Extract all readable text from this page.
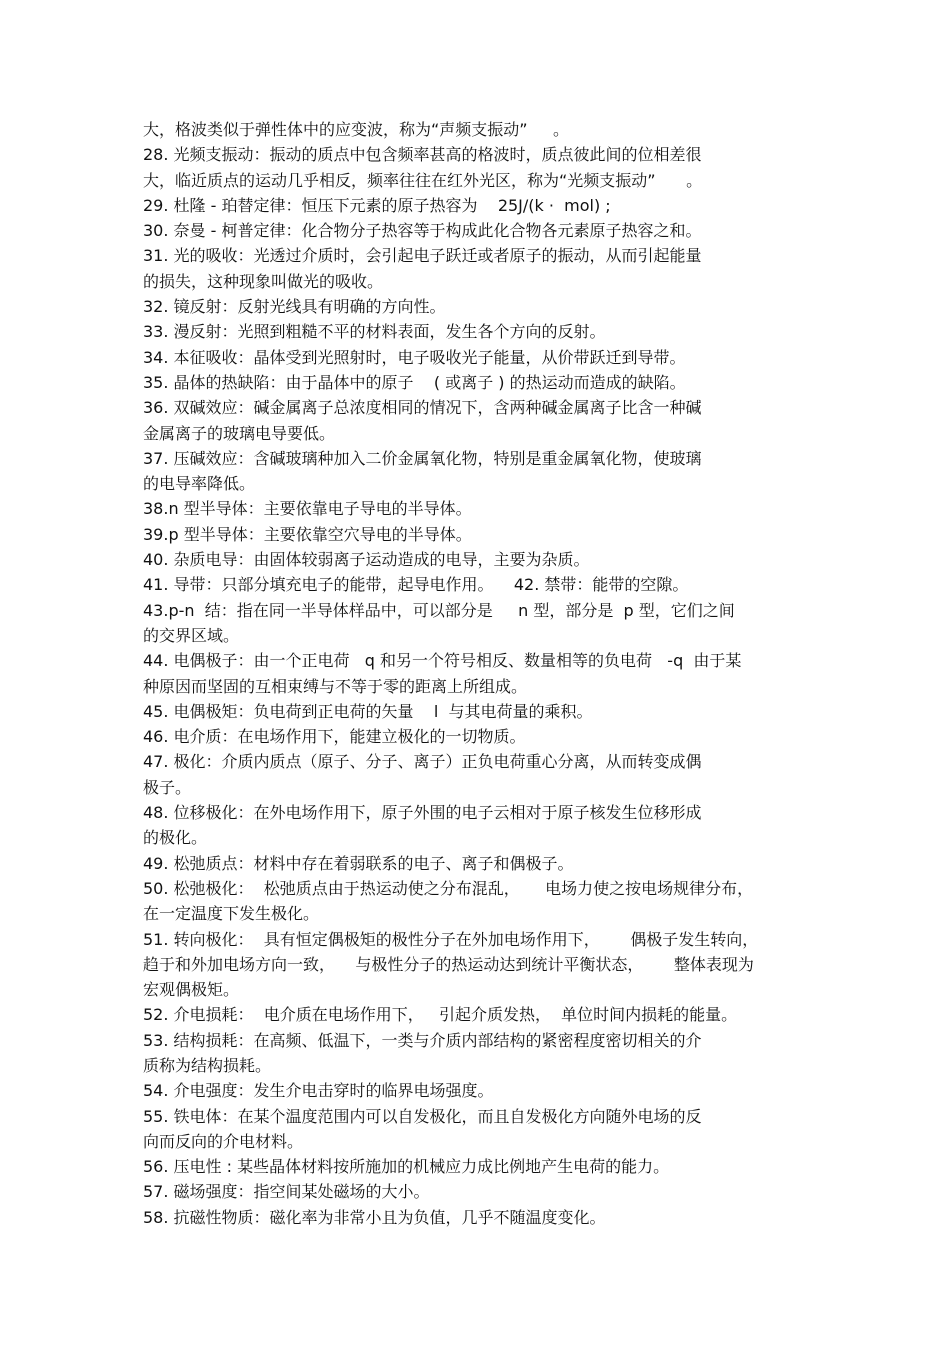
大，格波类似于弹性体中的应变波，称为“声频支振动”     。
28. 光频支振动：振动的质点中包含频率甚高的格波时，质点彼此间的位相差很
大，临近质点的运动几乎相反，频率往往在红外光区，称为“光频支振动”      。
29. 杜隆 - 珀替定律：恒压下元素的原子热容为    25J/(k ·  mol) ;
30. 奈曼 - 柯普定律：化合物分子热容等于构成此化合物各元素原子热容之和。
31. 光的吸收：光透过介质时，会引起电子跃迁或者原子的振动，从而引起能量
的损失，这种现象叫做光的吸收。
32. 镜反射：反射光线具有明确的方向性。
33. 漫反射：光照到粗糙不平的材料表面，发生各个方向的反射。
34. 本征吸收：晶体受到光照射时，电子吸收光子能量，从价带跃迁到导带。
35. 晶体的热缺陷：由于晶体中的原子    ( 或离子 ) 的热运动而造成的缺陷。
36. 双碱效应：碱金属离子总浓度相同的情况下，含两种碱金属离子比含一种碱
金属离子的玻璃电导要低。
37. 压碱效应：含碱玻璃种加入二价金属氧化物，特别是重金属氧化物，使玻璃
的电导率降低。
38.n 型半导体：主要依靠电子导电的半导体。
39.p 型半导体：主要依靠空穴导电的半导体。
40. 杂质电导：由固体较弱离子运动造成的电导，主要为杂质。
41. 导带：只部分填充电子的能带，起导电作用。    42. 禁带：能带的空隙。
43.p-n  结：指在同一半导体样品中，可以部分是     n 型，部分是  p 型，它们之间
的交界区域。
44. 电偶极子：由一个正电荷   q 和另一个符号相反、数量相等的负电荷   -q  由于某
种原因而坚固的互相束缚与不等于零的距离上所组成。
45. 电偶极矩：负电荷到正电荷的矢量    l  与其电荷量的乘积。
46. 电介质：在电场作用下，能建立极化的一切物质。
47. 极化：介质内质点（原子、分子、离子）正负电荷重心分离，从而转变成偶
极子。
48. 位移极化：在外电场作用下，原子外围的电子云相对于原子核发生位移形成
的极化。
49. 松弛质点：材料中存在着弱联系的电子、离子和偶极子。
50. 松弛极化：  松弛质点由于热运动使之分布混乱，     电场力使之按电场规律分布，
在一定温度下发生极化。
51. 转向极化：  具有恒定偶极矩的极性分子在外加电场作用下，      偶极子发生转向，
趋于和外加电场方向一致，    与极性分子的热运动达到统计平衡状态，      整体表现为
宏观偶极矩。
52. 介电损耗：  电介质在电场作用下，   引起介质发热，  单位时间内损耗的能量。
53. 结构损耗：在高频、低温下，一类与介质内部结构的紧密程度密切相关的介
质称为结构损耗。
54. 介电强度：发生介电击穿时的临界电场强度。
55. 铁电体：在某个温度范围内可以自发极化，而且自发极化方向随外电场的反
向而反向的介电材料。
56. 压电性 : 某些晶体材料按所施加的机械应力成比例地产生电荷的能力。
57. 磁场强度：指空间某处磁场的大小。
58. 抗磁性物质：磁化率为非常小且为负值，几乎不随温度变化。
